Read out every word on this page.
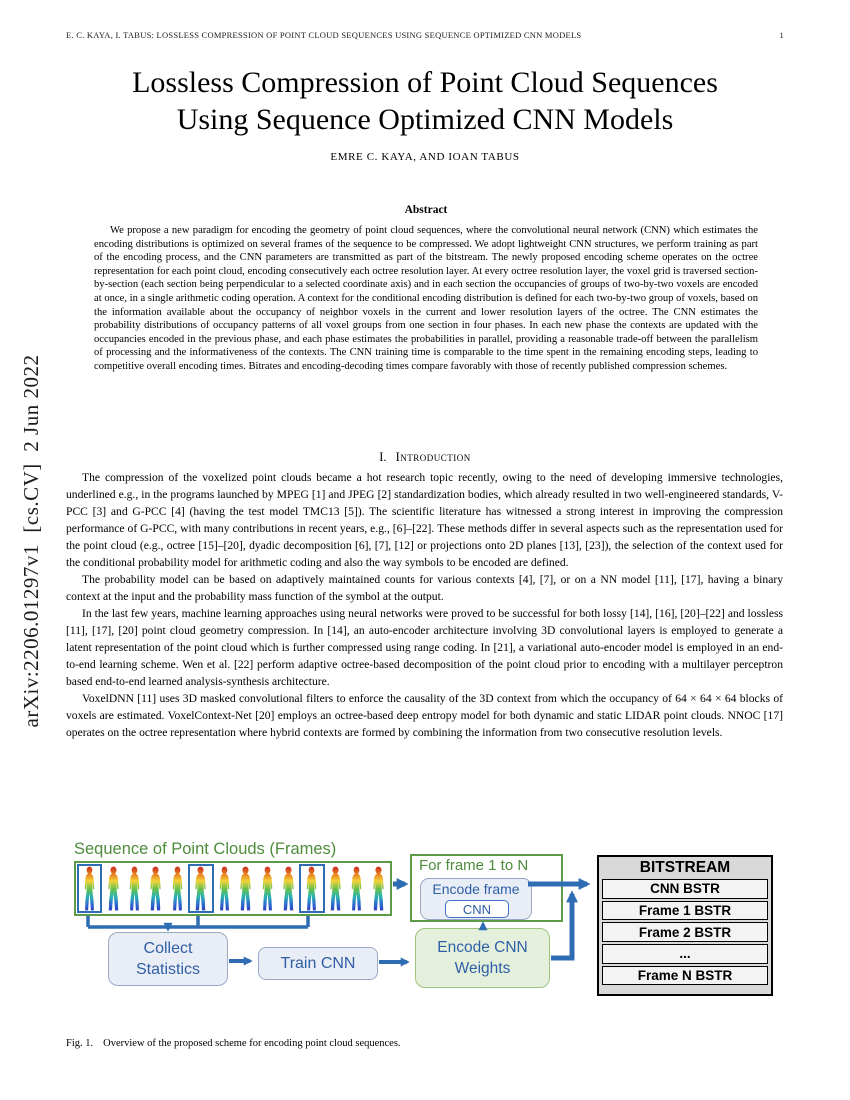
E. C. KAYA, I. TABUS: LOSSLESS COMPRESSION OF POINT CLOUD SEQUENCES USING SEQUENCE OPTIMIZED CNN MODELS	1
arXiv:2206.01297v1  [cs.CV]  2 Jun 2022
Lossless Compression of Point Cloud Sequences
Using Sequence Optimized CNN Models
EMRE C. KAYA, AND IOAN TABUS
Abstract

We propose a new paradigm for encoding the geometry of point cloud sequences, where the convolutional neural network (CNN) which estimates the encoding distributions is optimized on several frames of the sequence to be compressed. We adopt lightweight CNN structures, we perform training as part of the encoding process, and the CNN parameters are transmitted as part of the bitstream. The newly proposed encoding scheme operates on the octree representation for each point cloud, encoding consecutively each octree resolution layer. At every octree resolution layer, the voxel grid is traversed section-by-section (each section being perpendicular to a selected coordinate axis) and in each section the occupancies of groups of two-by-two voxels are encoded at once, in a single arithmetic coding operation. A context for the conditional encoding distribution is defined for each two-by-two group of voxels, based on the information available about the occupancy of neighbor voxels in the current and lower resolution layers of the octree. The CNN estimates the probability distributions of occupancy patterns of all voxel groups from one section in four phases. In each new phase the contexts are updated with the occupancies encoded in the previous phase, and each phase estimates the probabilities in parallel, providing a reasonable trade-off between the parallelism of processing and the informativeness of the contexts. The CNN training time is comparable to the time spent in the remaining encoding steps, leading to competitive overall encoding times. Bitrates and encoding-decoding times compare favorably with those of recently published compression schemes.

I. Introduction

The compression of the voxelized point clouds became a hot research topic recently, owing to the need of developing immersive technologies, underlined e.g., in the programs launched by MPEG [1] and JPEG [2] standardization bodies, which already resulted in two well-engineered standards, V-PCC [3] and G-PCC [4] (having the test model TMC13 [5]). The scientific literature has witnessed a strong interest in improving the compression performance of G-PCC, with many contributions in recent years, e.g., [6]–[22]. These methods differ in several aspects such as the representation used for the point cloud (e.g., octree [15]–[20], dyadic decomposition [6], [7], [12] or projections onto 2D planes [13], [23]), the selection of the context used for the conditional probability model for arithmetic coding and also the way symbols to be encoded are defined.

The probability model can be based on adaptively maintained counts for various contexts [4], [7], or on a NN model [11], [17], having a binary context at the input and the probability mass function of the symbol at the output.

In the last few years, machine learning approaches using neural networks were proved to be successful for both lossy [14], [16], [20]–[22] and lossless [11], [17], [20] point cloud geometry compression. In [14], an auto-encoder architecture involving 3D convolutional layers is employed to generate a latent representation of the point cloud which is further compressed using range coding. In [21], a variational auto-encoder model is employed in an end-to-end learning scheme. Wen et al. [22] perform adaptive octree-based decomposition of the point cloud prior to encoding with a multilayer perceptron based end-to-end learned analysis-synthesis architecture.

VoxelDNN [11] uses 3D masked convolutional filters to enforce the causality of the 3D context from which the occupancy of 64 × 64 × 64 blocks of voxels are estimated. VoxelContext-Net [20] employs an octree-based deep entropy model for both dynamic and static LIDAR point clouds. NNOC [17] operates on the octree representation where hybrid contexts are formed by combining the information from two consecutive resolution levels.

Sequence of Point Clouds (Frames)
For frame 1 to N
Encode frame
CNN
Collect Statistics	Train CNN
Encode CNN Weights
BITSTREAM
CNN BSTR
Frame 1 BSTR
Frame 2 BSTR
...
Frame N BSTR
Fig. 1. Overview of the proposed scheme for encoding point cloud sequences.
